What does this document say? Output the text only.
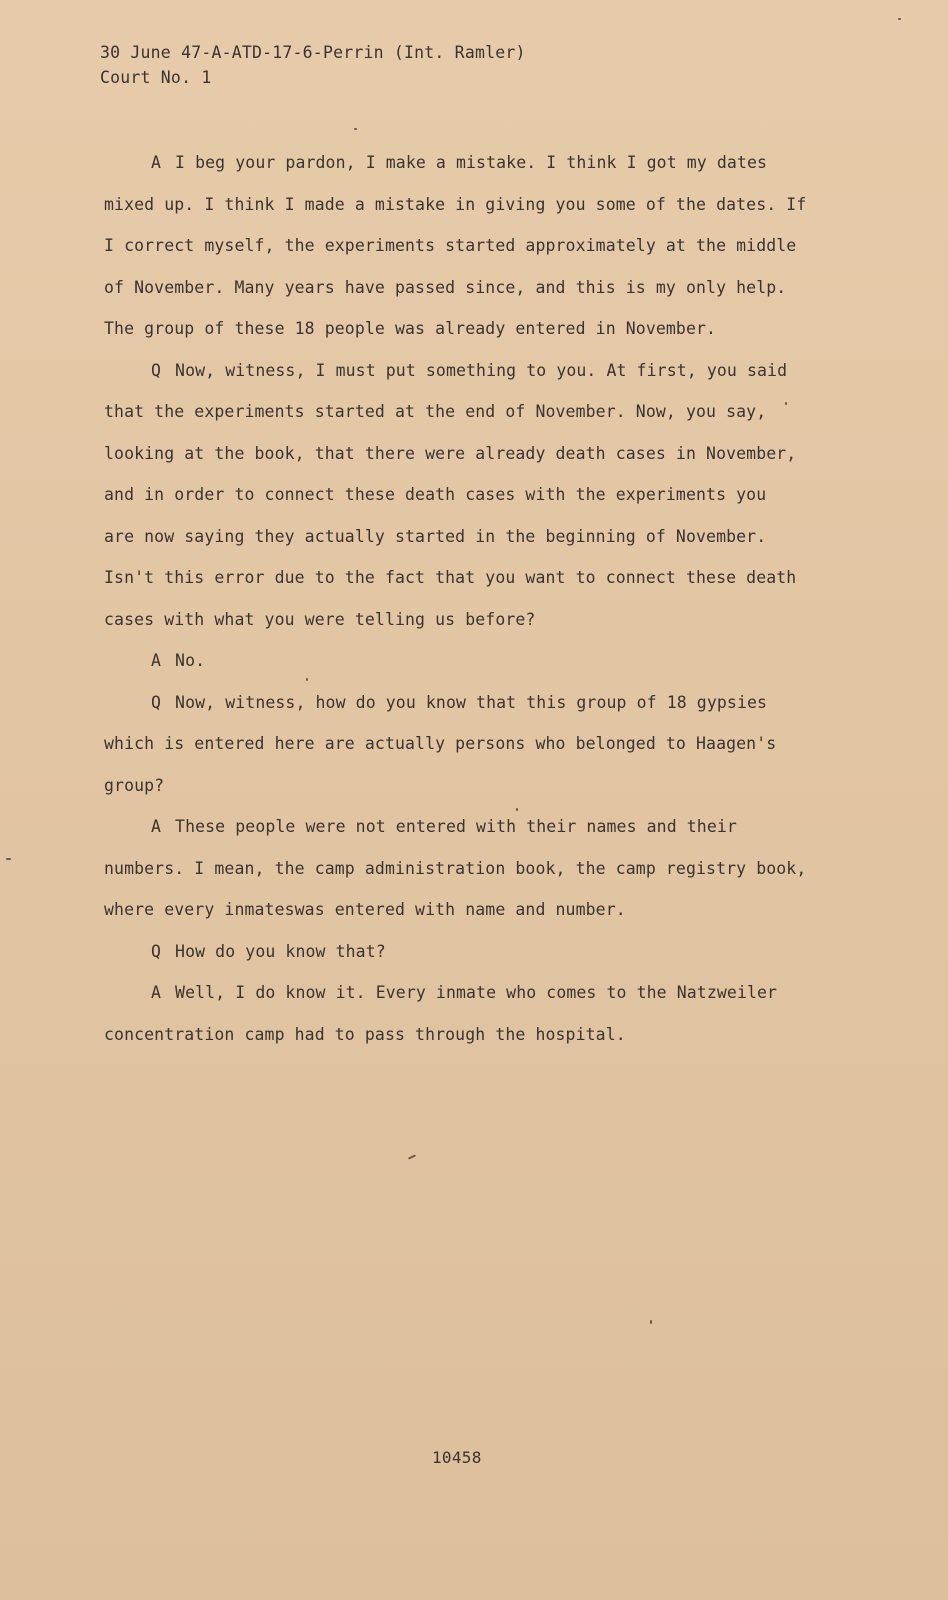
30 June 47-A-ATD-17-6-Perrin (Int. Ramler)
Court No. 1
A I beg your pardon, I make a mistake. I think I got my dates
mixed up. I think I made a mistake in giving you some of the dates. If
I correct myself, the experiments started approximately at the middle
of November. Many years have passed since, and this is my only help.
The group of these 18 people was already entered in November.
Q Now, witness, I must put something to you. At first, you said
that the experiments started at the end of November. Now, you say,
looking at the book, that there were already death cases in November,
and in order to connect these death cases with the experiments you
are now saying they actually started in the beginning of November.
Isn't this error due to the fact that you want to connect these death
cases with what you were telling us before?
A No.
Q Now, witness, how do you know that this group of 18 gypsies
which is entered here are actually persons who belonged to Haagen's
group?
A These people were not entered with their names and their
numbers. I mean, the camp administration book, the camp registry book,
where every inmateswas entered with name and number.
Q How do you know that?
A Well, I do know it. Every inmate who comes to the Natzweiler
concentration camp had to pass through the hospital.
10458
